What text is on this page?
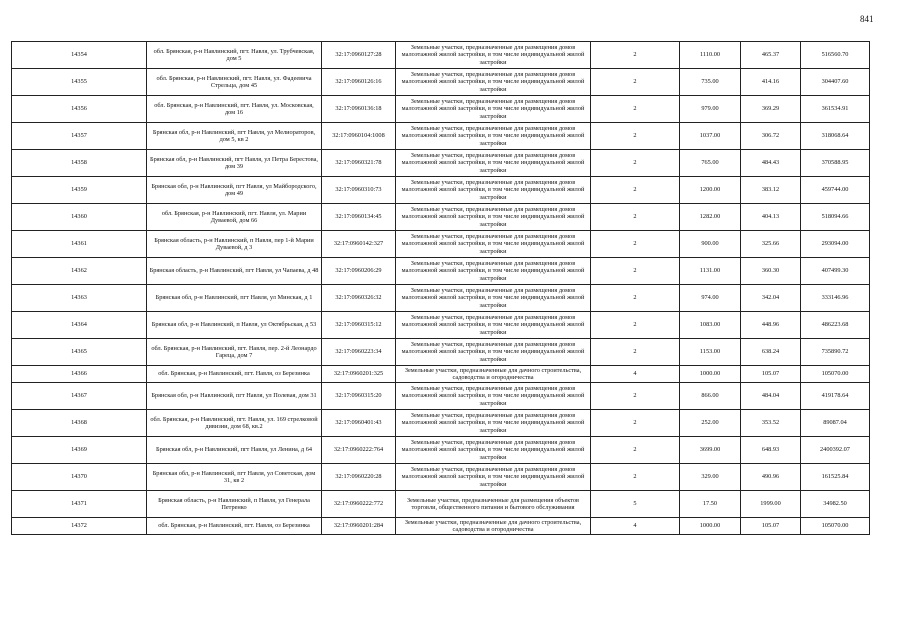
841
14354	обл. Брянская, р-н Навлинский, пгт. Навля, ул. Трубчевская, дом 5	32:17:0960127:28	Земельные участки, предназначенные для размещения домов малоэтажной жилой застройки, в том числе индивидуальной жилой застройки	2	1110.00	465.37	516560.70
14355	обл. Брянская, р-н Навлинский, пгт. Навля, ул. Фадеевича Стрельца, дом 45	32:17:0960126:16	Земельные участки, предназначенные для размещения домов малоэтажной жилой застройки, в том числе индивидуальной жилой застройки	2	735.00	414.16	304407.60
14356	обл. Брянская, р-н Навлинский, пгт. Навля, ул. Московская, дом 16	32:17:0960136:18	Земельные участки, предназначенные для размещения домов малоэтажной жилой застройки, в том числе индивидуальной жилой застройки	2	979.00	369.29	361534.91
14357	Брянская обл, р-н Навлинский, пгт Навля, ул Мелиораторов, дом 5, кв 2	32:17:0960104:1008	Земельные участки, предназначенные для размещения домов малоэтажной жилой застройки, в том числе индивидуальной жилой застройки	2	1037.00	306.72	318068.64
14358	Брянская обл, р-н Навлинский, пгт Навля, ул Петра Берестова, дом 39	32:17:0960321:78	Земельные участки, предназначенные для размещения домов малоэтажной жилой застройки, в том числе индивидуальной жилой застройки	2	765.00	484.43	370588.95
14359	Брянская обл, р-н Навлинский, пгт Навля, ул Майбородского, дом 49	32:17:0960310:73	Земельные участки, предназначенные для размещения домов малоэтажной жилой застройки, в том числе индивидуальной жилой застройки	2	1200.00	383.12	459744.00
14360	обл. Брянская, р-н Навлинский, пгт. Навля, ул. Марии Дуваевой, дом 66	32:17:0960134:45	Земельные участки, предназначенные для размещения домов малоэтажной жилой застройки, в том числе индивидуальной жилой застройки	2	1282.00	404.13	518094.66
14361	Брянская область, р-н Навлинский, п Навля, пер 1-й Марии Дуваевой, д 3	32:17:0960142:327	Земельные участки, предназначенные для размещения домов малоэтажной жилой застройки, в том числе индивидуальной жилой застройки	2	900.00	325.66	293094.00
14362	Брянская область, р-н Навлинский, пгт Навля, ул Чапаева, д 48	32:17:0960206:29	Земельные участки, предназначенные для размещения домов малоэтажной жилой застройки, в том числе индивидуальной жилой застройки	2	1131.00	360.30	407499.30
14363	Брянская обл, р-н Навлинский, пгт Навля, ул Минская, д 1	32:17:0960326:32	Земельные участки, предназначенные для размещения домов малоэтажной жилой застройки, в том числе индивидуальной жилой застройки	2	974.00	342.04	333146.96
14364	Брянская обл, р-н Навлинский, п Навля, ул Октябрьская, д 53	32:17:0960315:12	Земельные участки, предназначенные для размещения домов малоэтажной жилой застройки, в том числе индивидуальной жилой застройки	2	1083.00	448.96	486223.68
14365	обл. Брянская, р-н Навлинский, пгт. Навля, пер. 2-й Леонардо Гареца, дом 7	32:17:0960223:34	Земельные участки, предназначенные для размещения домов малоэтажной жилой застройки, в том числе индивидуальной жилой застройки	2	1153.00	638.24	735890.72
14366	обл. Брянская, р-н Навлинский, пгт. Навля, оз Березинка	32:17:0960201:325	Земельные участки, предназначенные для дачного строительства, садоводства и огородничества	4	1000.00	105.07	105070.00
14367	Брянская обл, р-н Навлинский, пгт Навля, ул Полевая, дом 31	32:17:0960315:20	Земельные участки, предназначенные для размещения домов малоэтажной жилой застройки, в том числе индивидуальной жилой застройки	2	866.00	484.04	419178.64
14368	обл. Брянская, р-н Навлинский, пгт. Навля, ул. 169 стрелковой дивизии, дом 68, кв.2	32:17:0960401:43	Земельные участки, предназначенные для размещения домов малоэтажной жилой застройки, в том числе индивидуальной жилой застройки	2	252.00	353.52	89087.04
14369	Брянская обл, р-н Навлинский, пгт Навля, ул Ленина, д 64	32:17:0960222:764	Земельные участки, предназначенные для размещения домов малоэтажной жилой застройки, в том числе индивидуальной жилой застройки	2	3699.00	648.93	2400392.07
14370	Брянская обл, р-н Навлинский, пгт Навля, ул Советская, дом 31, кв 2	32:17:0960220:28	Земельные участки, предназначенные для размещения домов малоэтажной жилой застройки, в том числе индивидуальной жилой застройки	2	329.00	490.96	161525.84
14371	Брянская область, р-н Навлинский, п Навля, ул Генерала Петренко	32:17:0960222:772	Земельные участки, предназначенные для размещения объектов торговли, общественного питания и бытового обслуживания	5	17.50	1999.00	34982.50
14372	обл. Брянская, р-н Навлинский, пгт. Навля, оз Березинка	32:17:0960201:284	Земельные участки, предназначенные для дачного строительства, садоводства и огородничества	4	1000.00	105.07	105070.00
